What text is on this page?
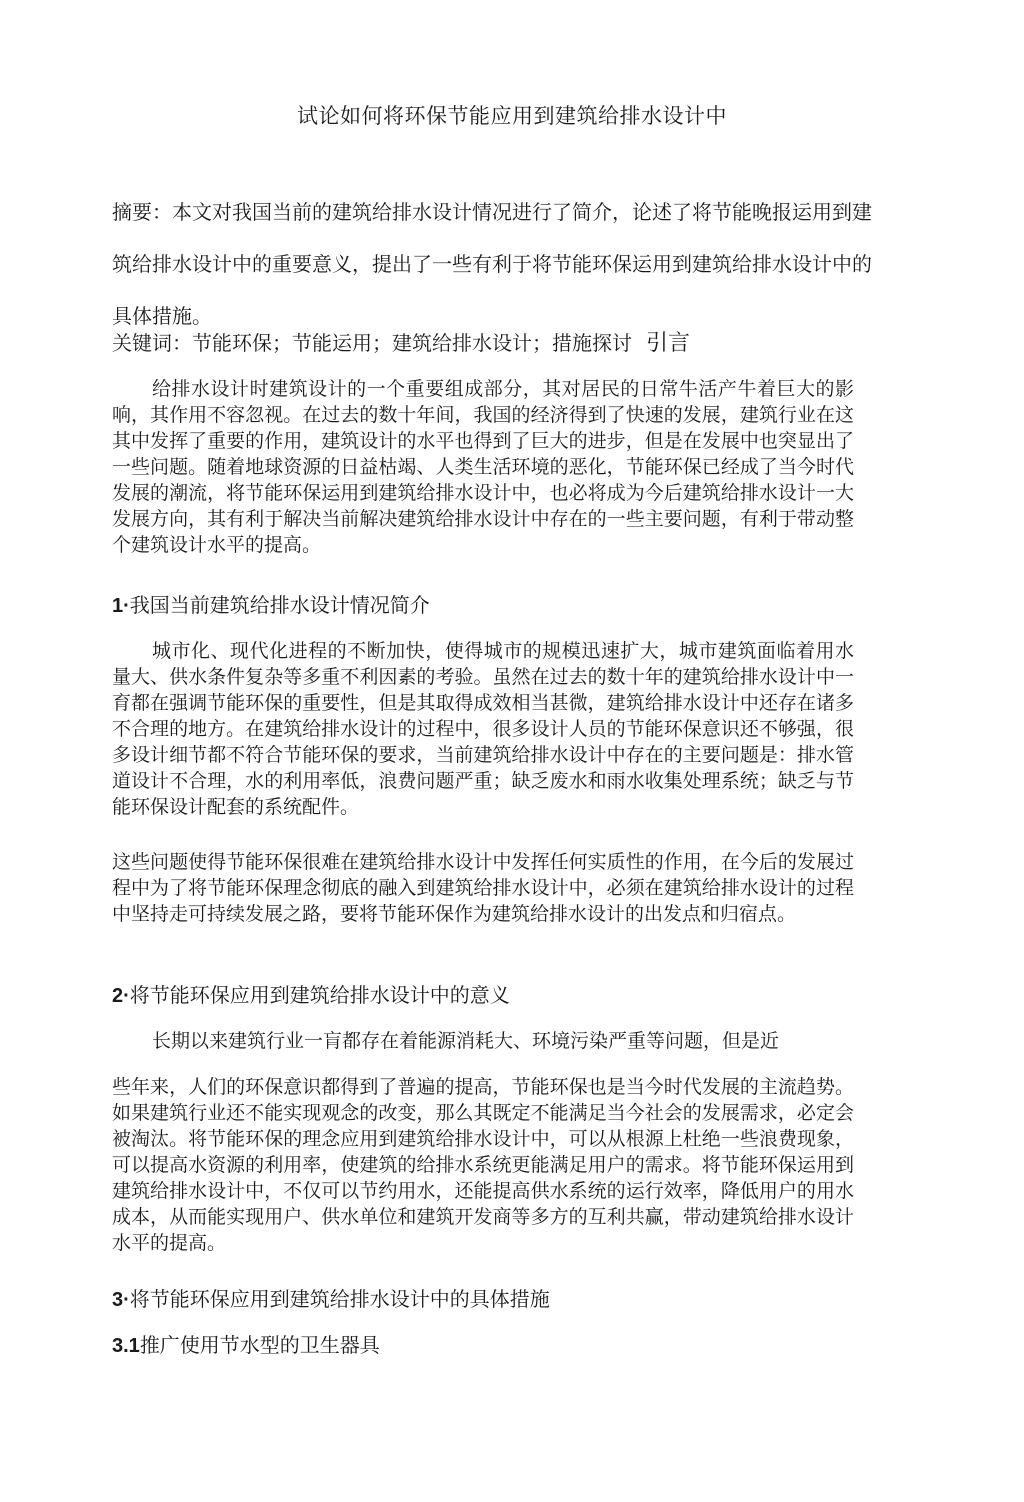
试论如何将环保节能应用到建筑给排水设计中

摘要：本文对我国当前的建筑给排水设计情况进行了简介，论述了将节能晚报运用到建筑给排水设计中的重要意义，提出了一些有利于将节能环保运用到建筑给排水设计中的具体措施。

关键词：节能环保；节能运用；建筑给排水设计；措施探讨 引言

给排水设计时建筑设计的一个重要组成部分，其对居民的日常牛活产牛着巨大的影响，其作用不容忽视。在过去的数十年间，我国的经济得到了快速的发展，建筑行业在这其中发挥了重要的作用，建筑设计的水平也得到了巨大的进步，但是在发展中也突显出了一些问题。随着地球资源的日益枯竭、人类生活环境的恶化，节能环保已经成了当今时代发展的潮流，将节能环保运用到建筑给排水设计中，也必将成为今后建筑给排水设计一大发展方向，其有利于解决当前解决建筑给排水设计中存在的一些主要问题，有利于带动整个建筑设计水平的提高。

1·我国当前建筑给排水设计情况简介

城市化、现代化进程的不断加快，使得城市的规模迅速扩大，城市建筑面临着用水量大、供水条件复杂等多重不利因素的考验。虽然在过去的数十年的建筑给排水设计中一育都在强调节能环保的重要性，但是其取得成效相当甚微，建筑给排水设计中还存在诸多不合理的地方。在建筑给排水设计的过程中，很多设计人员的节能环保意识还不够强，很多设计细节都不符合节能环保的要求，当前建筑给排水设计中存在的主要问题是：排水管道设计不合理，水的利用率低，浪费问题严重；缺乏废水和雨水收集处理系统；缺乏与节能环保设计配套的系统配件。

这些问题使得节能环保很难在建筑给排水设计中发挥任何实质性的作用，在今后的发展过程中为了将节能环保理念彻底的融入到建筑给排水设计中，必须在建筑给排水设计的过程中坚持走可持续发展之路，要将节能环保作为建筑给排水设计的出发点和归宿点。

2·将节能环保应用到建筑给排水设计中的意义

长期以来建筑行业一肓都存在着能源消耗大、环境污染严重等问题，但是近

些年来，人们的环保意识都得到了普遍的提高，节能环保也是当今时代发展的主流趋势。如果建筑行业还不能实现观念的改变，那么其既定不能满足当今社会的发展需求，必定会被淘汰。将节能环保的理念应用到建筑给排水设计中，可以从根源上杜绝一些浪费现象，可以提高水资源的利用率，使建筑的给排水系统更能满足用户的需求。将节能环保运用到建筑给排水设计中，不仅可以节约用水，还能提高供水系统的运行效率，降低用户的用水成本，从而能实现用户、供水单位和建筑开发商等多方的互利共赢，带动建筑给排水设计水平的提高。

3·将节能环保应用到建筑给排水设计中的具体措施

3.1推广使用节水型的卫生器具
